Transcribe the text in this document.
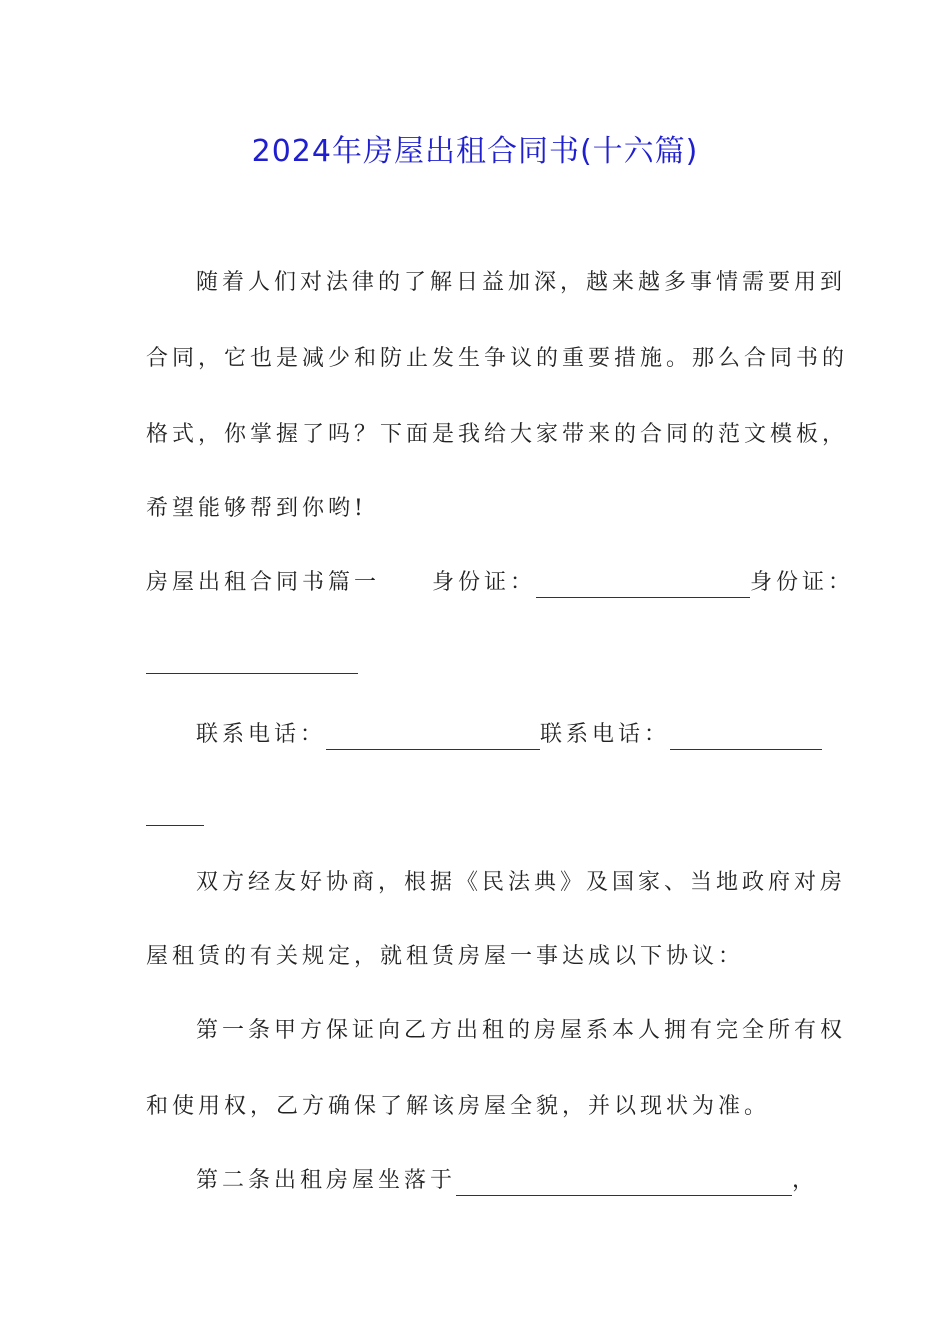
2024年房屋出租合同书(十六篇)
随着人们对法律的了解日益加深，越来越多事情需要用到
合同，它也是减少和防止发生争议的重要措施。那么合同书的
格式，你掌握了吗？下面是我给大家带来的合同的范文模板，
希望能够帮到你哟!
房屋出租合同书篇一 身份证：	身份证：
联系电话：	联系电话：
双方经友好协商，根据《民法典》及国家、当地政府对房
屋租赁的有关规定，就租赁房屋一事达成以下协议：
第一条甲方保证向乙方出租的房屋系本人拥有完全所有权
和使用权，乙方确保了解该房屋全貌，并以现状为准。
第二条出租房屋坐落于	，
